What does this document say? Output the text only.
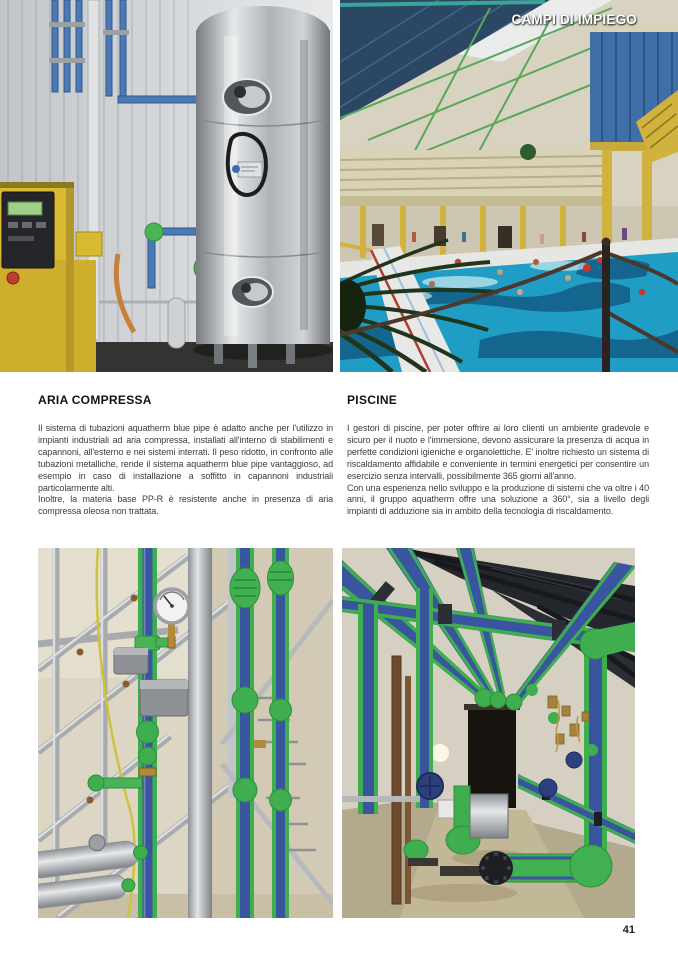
CAMPI DI IMPIEGO
ARIA COMPRESSA

Il sistema di tubazioni aquatherm blue pipe è adatto anche per l'utilizzo in impianti industriali ad aria compressa, installati all'interno di stabilimenti e capannoni, all'esterno e nei sistemi interrati. Il peso ridotto, in confronto alle tubazioni metalliche, rende il sistema aquatherm blue pipe vantaggioso, ad esempio in caso di installazione a soffitto in capannoni industriali particolarmente alti.

Inoltre, la materia base PP-R è resistente anche in presenza di aria compressa oleosa non trattata.

PISCINE

I gestori di piscine, per poter offrire ai loro clienti un ambiente gradevole e sicuro per il nuoto e l'immersione, devono assicurare la presenza di acqua in perfette condizioni igieniche e organolettiche. E' inoltre richiesto un sistema di riscaldamento affidabile e conveniente in termini energetici per consentire un esercizio senza intervalli, possibilmente 365 giorni all'anno.

Con una esperienza nello sviluppo e la produzione di sistemi che va oltre i 40 anni, il gruppo aquatherm offre una soluzione a 360°, sia a livello degli impianti di adduzione sia in ambito della tecnologia di riscaldamento.

41
